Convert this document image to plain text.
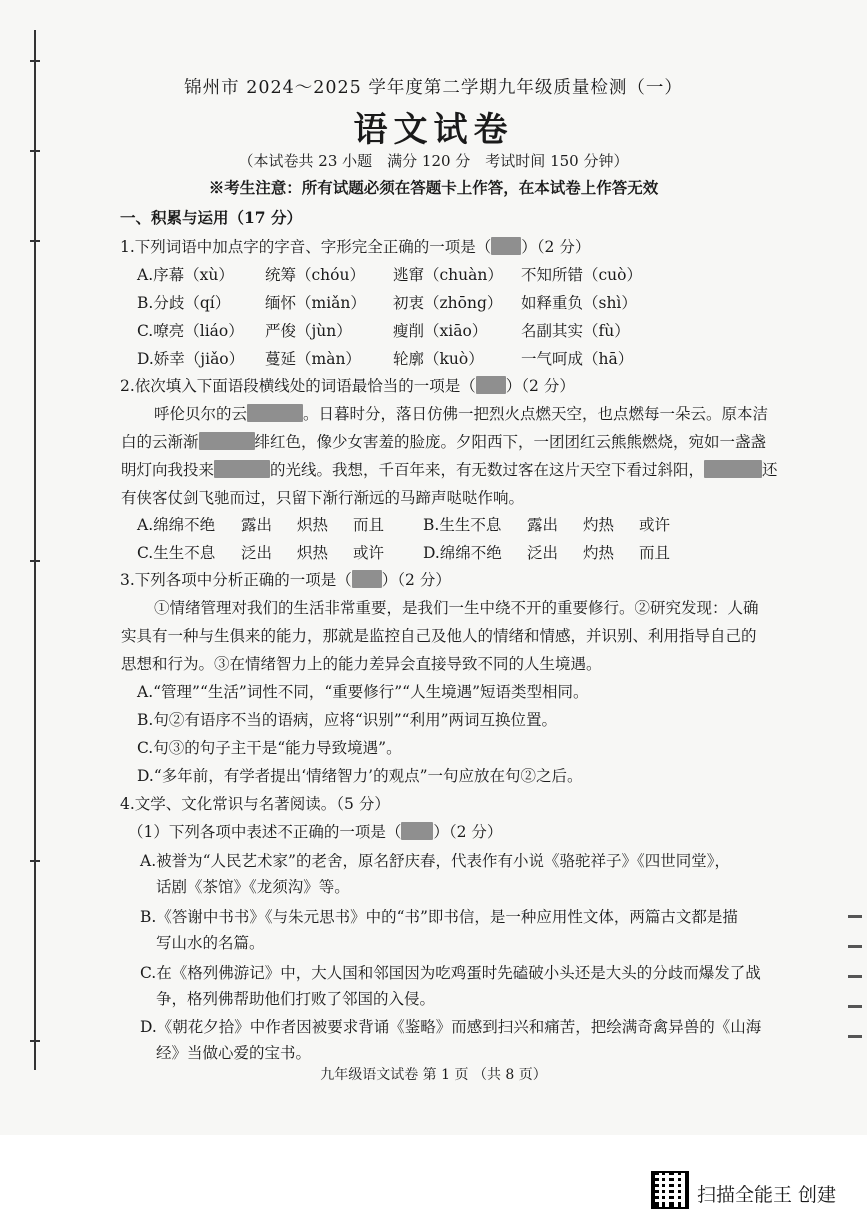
锦州市 2024～2025 学年度第二学期九年级质量检测（一）
语文试卷
（本试卷共 23 小题　满分 120 分　考试时间 150 分钟）
※考生注意：所有试题必须在答题卡上作答，在本试卷上作答无效
一、积累与运用（17 分）
1.下列词语中加点字的字音、字形完全正确的一项是（ ）（2 分）
A.序幕（xù） 统筹（chóu） 逃窜（chuàn） 不知所错（cuò）
B.分歧（qí） 缅怀（miǎn） 初衷（zhōng） 如释重负（shì）
C.嘹亮（liáo） 严俊（jùn）	瘦削（xiāo） 名副其实（fù）
D.娇幸（jiǎo） 蔓延（màn） 轮廓（kuò） 一气呵成（hā）
2.依次填入下面语段横线处的词语最恰当的一项是（ ）（2 分）
呼伦贝尔的云	。日暮时分，落日仿佛一把烈火点燃天空，也点燃每一朵云。原本洁
白的云渐渐	绯红色，像少女害羞的脸庞。夕阳西下，一团团红云熊熊燃烧，宛如一盏盏
明灯向我投来	的光线。我想，千百年来，有无数过客在这片天空下看过斜阳，	还
有侠客仗剑飞驰而过，只留下渐行渐远的马蹄声哒哒作响。
A.绵绵不绝 露出 炽热 而且	B.生生不息 露出 灼热 或许
C.生生不息 泛出 炽热 或许	D.绵绵不绝 泛出 灼热 而且
3.下列各项中分析正确的一项是（ ）（2 分）
①情绪管理对我们的生活非常重要，是我们一生中绕不开的重要修行。②研究发现：人确
实具有一种与生俱来的能力，那就是监控自己及他人的情绪和情感，并识别、利用指导自己的
思想和行为。③在情绪智力上的能力差异会直接导致不同的人生境遇。
A.“管理”“生活”词性不同，“重要修行”“人生境遇”短语类型相同。
B.句②有语序不当的语病，应将“识别”“利用”两词互换位置。
C.句③的句子主干是“能力导致境遇”。
D.“多年前，有学者提出‘情绪智力’的观点”一句应放在句②之后。
4.文学、文化常识与名著阅读。（5 分）
（1）下列各项中表述不正确的一项是（ ）（2 分）
A.被誉为“人民艺术家”的老舍，原名舒庆春，代表作有小说《骆驼祥子》《四世同堂》，
话剧《茶馆》《龙须沟》等。
B.《答谢中书书》《与朱元思书》中的“书”即书信，是一种应用性文体，两篇古文都是描
写山水的名篇。
C.在《格列佛游记》中，大人国和邻国因为吃鸡蛋时先磕破小头还是大头的分歧而爆发了战
争，格列佛帮助他们打败了邻国的入侵。
D.《朝花夕拾》中作者因被要求背诵《鉴略》而感到扫兴和痛苦，把绘满奇禽异兽的《山海
经》当做心爱的宝书。
九年级语文试卷 第 1 页 （共 8 页）
扫描全能王 创建
